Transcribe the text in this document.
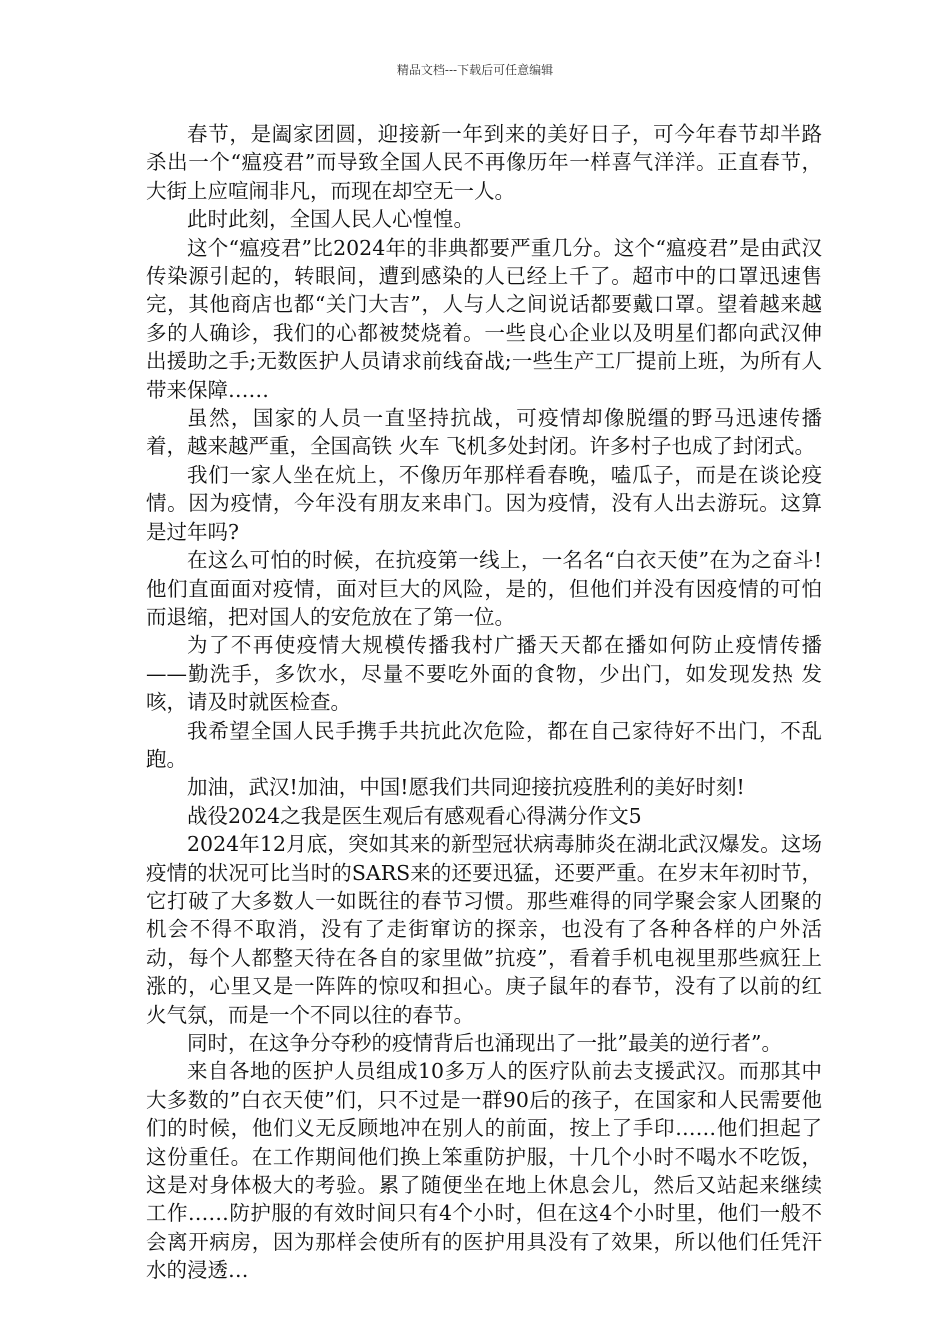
精品文档---下载后可任意编辑

春节，是阖家团圆，迎接新一年到来的美好日子，可今年春节却半路杀出一个“瘟疫君”而导致全国人民不再像历年一样喜气洋洋。正直春节，大街上应喧闹非凡，而现在却空无一人。

此时此刻，全国人民人心惶惶。

这个“瘟疫君”比2024年的非典都要严重几分。这个“瘟疫君”是由武汉传染源引起的，转眼间，遭到感染的人已经上千了。超市中的口罩迅速售完，其他商店也都“关门大吉”，人与人之间说话都要戴口罩。望着越来越多的人确诊，我们的心都被焚烧着。一些良心企业以及明星们都向武汉伸出援助之手;无数医护人员请求前线奋战;一些生产工厂提前上班，为所有人带来保障……

虽然，国家的人员一直坚持抗战，可疫情却像脱缰的野马迅速传播着，越来越严重，全国高铁 火车 飞机多处封闭。许多村子也成了封闭式。

我们一家人坐在炕上，不像历年那样看春晚，嗑瓜子，而是在谈论疫情。因为疫情，今年没有朋友来串门。因为疫情，没有人出去游玩。这算是过年吗?

在这么可怕的时候，在抗疫第一线上，一名名“白衣天使”在为之奋斗!他们直面面对疫情，面对巨大的风险，是的，但他们并没有因疫情的可怕而退缩，把对国人的安危放在了第一位。

为了不再使疫情大规模传播我村广播天天都在播如何防止疫情传播——勤洗手，多饮水，尽量不要吃外面的食物，少出门，如发现发热 发咳，请及时就医检查。

我希望全国人民手携手共抗此次危险，都在自己家待好不出门，不乱跑。

加油，武汉!加油，中国!愿我们共同迎接抗疫胜利的美好时刻!

战役2024之我是医生观后有感观看心得满分作文5

2024年12月底，突如其来的新型冠状病毒肺炎在湖北武汉爆发。这场疫情的状况可比当时的SARS来的还要迅猛，还要严重。在岁末年初时节，它打破了大多数人一如既往的春节习惯。那些难得的同学聚会家人团聚的机会不得不取消，没有了走街窜访的探亲，也没有了各种各样的户外活动，每个人都整天待在各自的家里做”抗疫”，看着手机电视里那些疯狂上涨的，心里又是一阵阵的惊叹和担心。庚子鼠年的春节，没有了以前的红火气氛，而是一个不同以往的春节。

同时，在这争分夺秒的疫情背后也涌现出了一批”最美的逆行者”。

来自各地的医护人员组成10多万人的医疗队前去支援武汉。而那其中大多数的”白衣天使”们，只不过是一群90后的孩子，在国家和人民需要他们的时候，他们义无反顾地冲在别人的前面，按上了手印……他们担起了这份重任。在工作期间他们换上笨重防护服，十几个小时不喝水不吃饭，这是对身体极大的考验。累了随便坐在地上休息会儿，然后又站起来继续工作……防护服的有效时间只有4个小时，但在这4个小时里，他们一般不会离开病房，因为那样会使所有的医护用具没有了效果，所以他们任凭汗水的浸透…
